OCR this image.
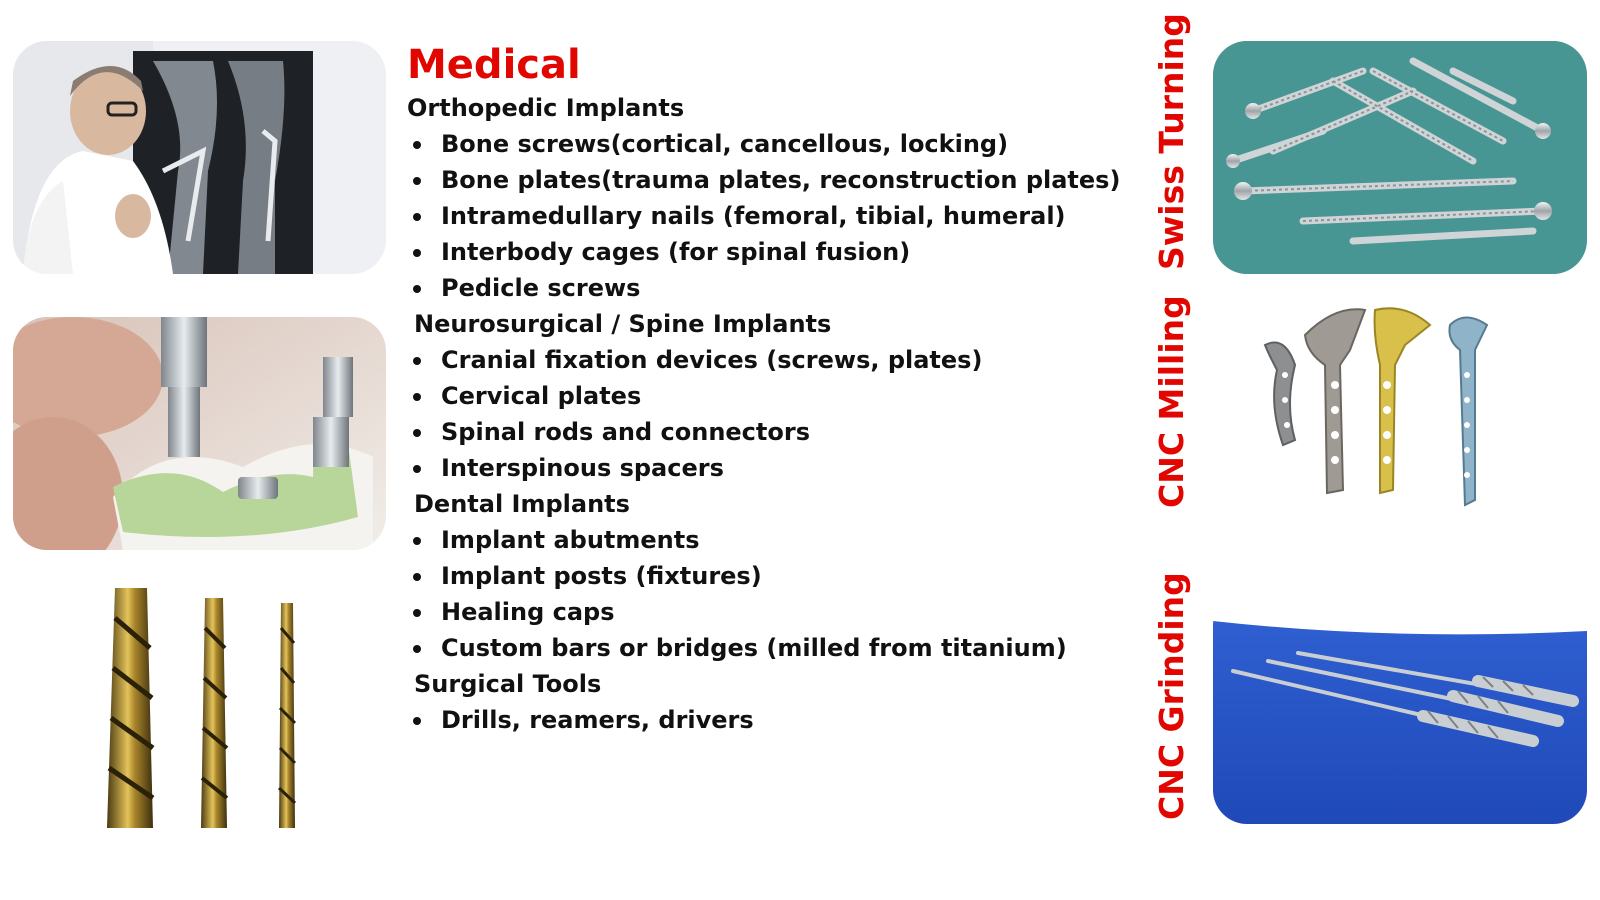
Medical
Orthopedic Implants
Bone screws(cortical, cancellous, locking)
Bone plates(trauma plates, reconstruction plates)
Intramedullary nails (femoral, tibial, humeral)
Interbody cages (for spinal fusion)
Pedicle screws
Neurosurgical / Spine Implants
Cranial fixation devices (screws, plates)
Cervical plates
Spinal rods and connectors
Interspinous spacers
Dental Implants
Implant abutments
Implant posts (fixtures)
Healing caps
Custom bars or bridges (milled from titanium)
Surgical Tools
Drills, reamers, drivers
Swiss Turning
CNC Milling
CNC Grinding
